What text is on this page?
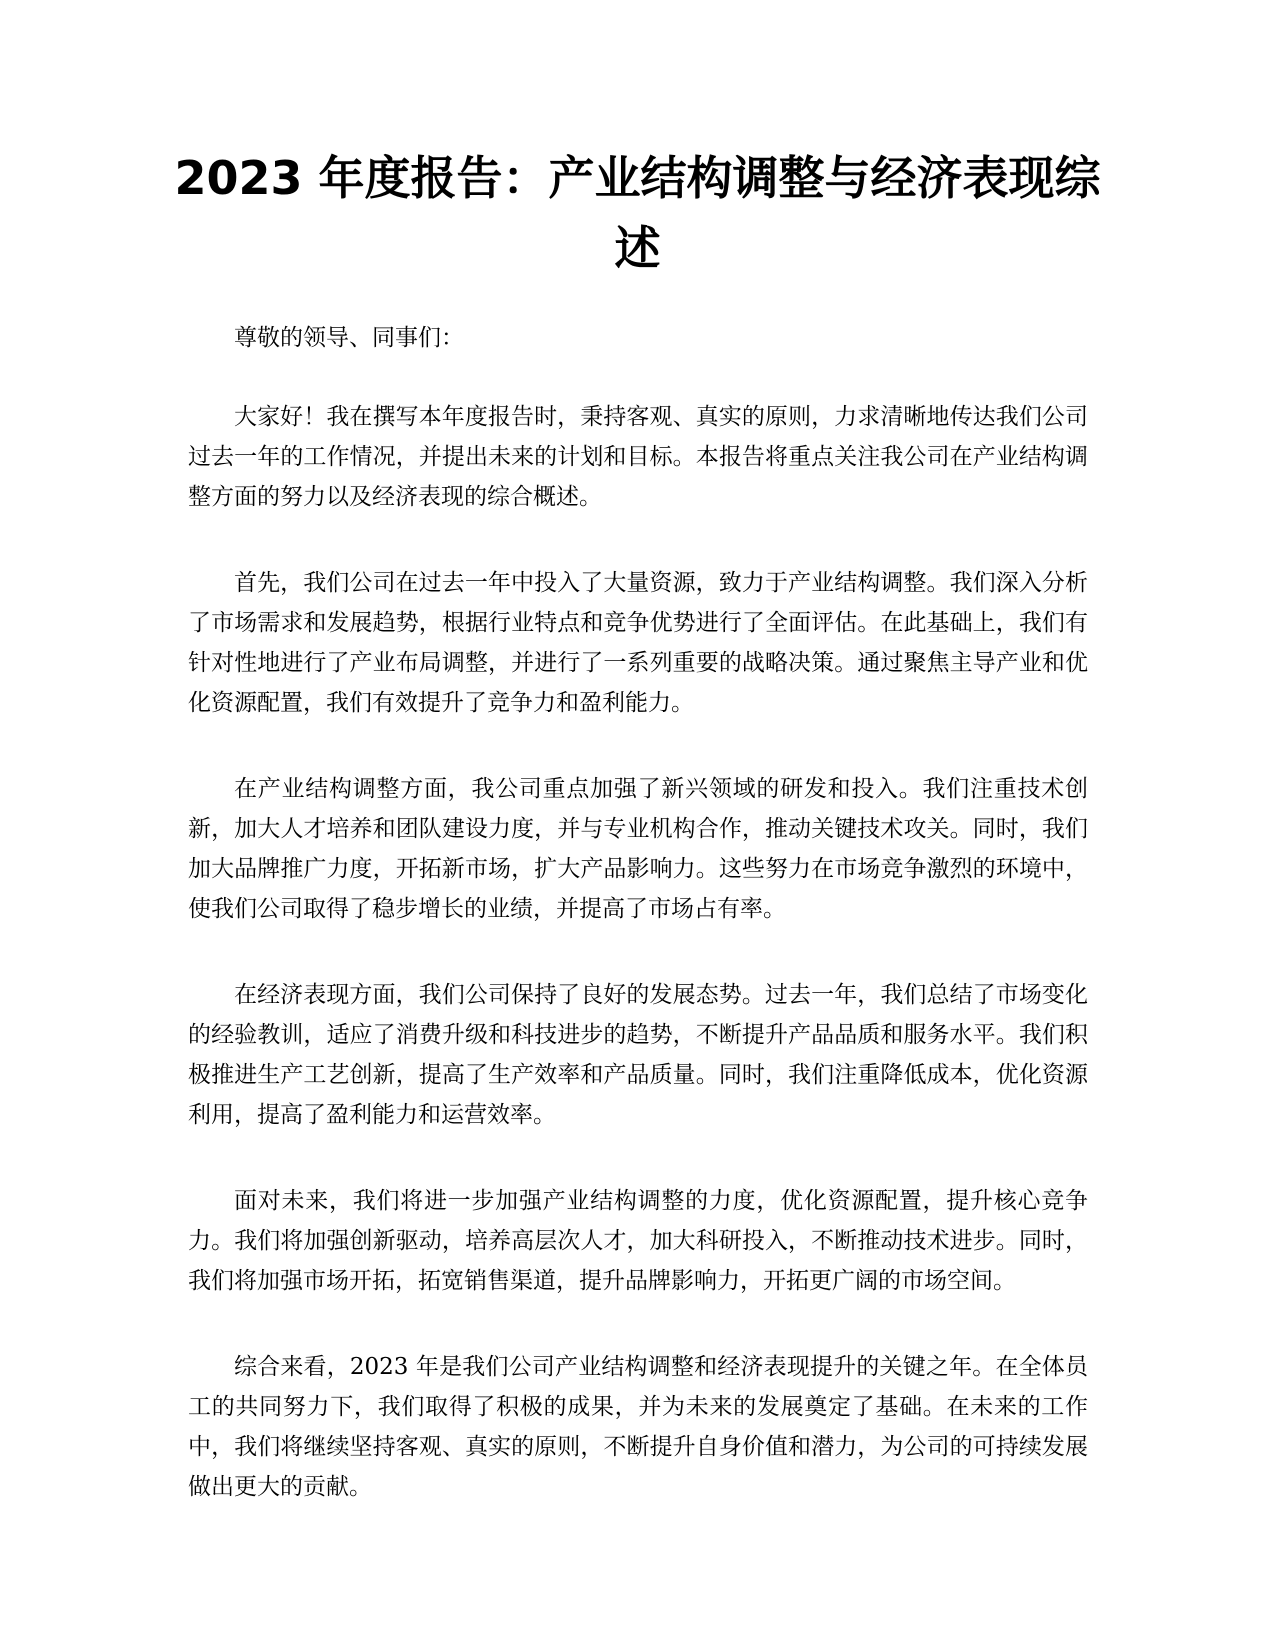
2023 年度报告：产业结构调整与经济表现综述

尊敬的领导、同事们：

大家好！我在撰写本年度报告时，秉持客观、真实的原则，力求清晰地传达我们公司过去一年的工作情况，并提出未来的计划和目标。本报告将重点关注我公司在产业结构调整方面的努力以及经济表现的综合概述。

首先，我们公司在过去一年中投入了大量资源，致力于产业结构调整。我们深入分析了市场需求和发展趋势，根据行业特点和竞争优势进行了全面评估。在此基础上，我们有针对性地进行了产业布局调整，并进行了一系列重要的战略决策。通过聚焦主导产业和优化资源配置，我们有效提升了竞争力和盈利能力。

在产业结构调整方面，我公司重点加强了新兴领域的研发和投入。我们注重技术创新，加大人才培养和团队建设力度，并与专业机构合作，推动关键技术攻关。同时，我们加大品牌推广力度，开拓新市场，扩大产品影响力。这些努力在市场竞争激烈的环境中，使我们公司取得了稳步增长的业绩，并提高了市场占有率。

在经济表现方面，我们公司保持了良好的发展态势。过去一年，我们总结了市场变化的经验教训，适应了消费升级和科技进步的趋势，不断提升产品品质和服务水平。我们积极推进生产工艺创新，提高了生产效率和产品质量。同时，我们注重降低成本，优化资源利用，提高了盈利能力和运营效率。

面对未来，我们将进一步加强产业结构调整的力度，优化资源配置，提升核心竞争力。我们将加强创新驱动，培养高层次人才，加大科研投入，不断推动技术进步。同时，我们将加强市场开拓，拓宽销售渠道，提升品牌影响力，开拓更广阔的市场空间。

综合来看，2023 年是我们公司产业结构调整和经济表现提升的关键之年。在全体员工的共同努力下，我们取得了积极的成果，并为未来的发展奠定了基础。在未来的工作中，我们将继续坚持客观、真实的原则，不断提升自身价值和潜力，为公司的可持续发展做出更大的贡献。
